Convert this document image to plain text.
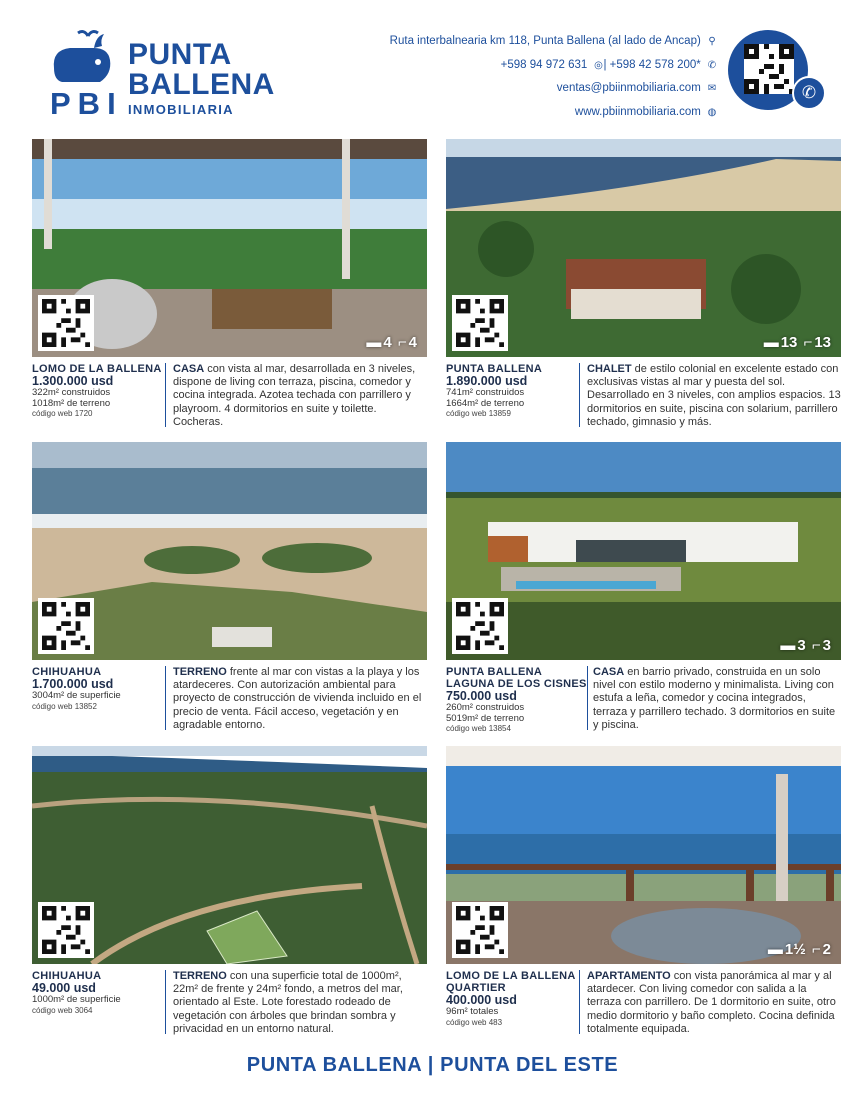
PBI
PUNTA
BALLENA
INMOBILIARIA
Ruta interbalnearia km 118, Punta Ballena (al lado de Ancap) ⚲
+598 94 972 631 ◎| +598 42 578 200* ✆
ventas@pbiinmobiliaria.com ✉
www.pbiinmobiliaria.com ◍
✆
▬ 4 ⌐ 4
LOMO DE LA BALLENA
1.300.000 usd
322m² construidos
1018m² de terreno
código web 1720
CASA con vista al mar, desarrollada en 3 niveles, dispone de living con terraza, piscina, comedor y cocina integrada. Azotea techada con parrillero y playroom. 4 dormitorios en suite y toilette. Cocheras.
▬ 13 ⌐ 13
PUNTA BALLENA
1.890.000 usd
741m² construidos
1664m² de terreno
código web 13859
CHALET de estilo colonial en excelente estado con exclusivas vistas al mar y puesta del sol. Desarrollado en 3 niveles, con amplios espacios. 13 dormitorios en suite, piscina con solarium, parrillero techado, gimnasio y más.
CHIHUAHUA
1.700.000 usd
3004m² de superficie
código web 13852
TERRENO frente al mar con vistas a la playa y los atardeceres. Con autorización ambiental para proyecto de construcción de vivienda incluido en el precio de venta. Fácil acceso, vegetación y en agradable entorno.
▬ 3 ⌐ 3
PUNTA BALLENA
LAGUNA DE LOS CISNES
750.000 usd
260m² construidos
5019m² de terreno
código web 13854
CASA en barrio privado, construida en un solo nivel con estilo moderno y minimalista. Living con estufa a leña, comedor y cocina integrados, terraza y parrillero techado. 3 dormitorios en suite y piscina.
CHIHUAHUA
49.000 usd
1000m² de superficie
código web 3064
TERRENO con una superficie total de 1000m², 22m² de frente y 24m² fondo, a metros del mar, orientado al Este. Lote forestado rodeado de vegetación con árboles que brindan sombra y privacidad en un entorno natural.
▬ 1½ ⌐ 2
LOMO DE LA BALLENA
QUARTIER
400.000 usd
96m² totales
código web 483
APARTAMENTO con vista panorámica al mar y al atardecer. Con living comedor con salida a la terraza con parrillero. De 1 dormitorio en suite, otro medio dormitorio y baño completo. Cocina definida totalmente equipada.
PUNTA BALLENA | PUNTA DEL ESTE
